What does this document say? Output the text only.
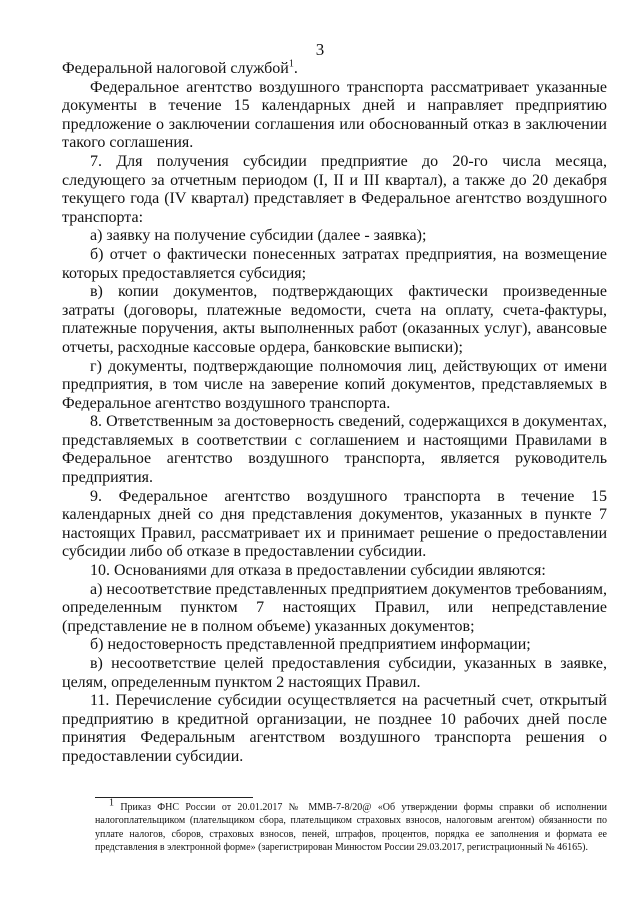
3

Федеральной налоговой службой$^1$.

Федеральное агентство воздушного транспорта рассматривает указанные документы в течение 15 календарных дней и направляет предприятию предложение о заключении соглашения или обоснованный отказ в заключении такого соглашения.

7. Для получения субсидии предприятие до 20-го числа месяца, следующего за отчетным периодом (I, II и III квартал), а также до 20 декабря текущего года (IV квартал) представляет в Федеральное агентство воздушного транспорта:

а) заявку на получение субсидии (далее - заявка);

б) отчет о фактически понесенных затратах предприятия, на возмещение которых предоставляется субсидия;

в) копии документов, подтверждающих фактически произведенные затраты (договоры, платежные ведомости, счета на оплату, счета-фактуры, платежные поручения, акты выполненных работ (оказанных услуг), авансовые отчеты, расходные кассовые ордера, банковские выписки);

г) документы, подтверждающие полномочия лиц, действующих от имени предприятия, в том числе на заверение копий документов, представляемых в Федеральное агентство воздушного транспорта.

8. Ответственным за достоверность сведений, содержащихся в документах, представляемых в соответствии с соглашением и настоящими Правилами в Федеральное агентство воздушного транспорта, является руководитель предприятия.

9. Федеральное агентство воздушного транспорта в течение 15 календарных дней со дня представления документов, указанных в пункте 7 настоящих Правил, рассматривает их и принимает решение о предоставлении субсидии либо об отказе в предоставлении субсидии.

10. Основаниями для отказа в предоставлении субсидии являются:

а) несоответствие представленных предприятием документов требованиям, определенным пунктом 7 настоящих Правил, или непредставление (представление не в полном объеме) указанных документов;

б) недостоверность представленной предприятием информации;

в) несоответствие целей предоставления субсидии, указанных в заявке, целям, определенным пунктом 2 настоящих Правил.

11. Перечисление субсидии осуществляется на расчетный счет, открытый предприятию в кредитной организации, не позднее 10 рабочих дней после принятия Федеральным агентством воздушного транспорта решения о предоставлении субсидии.

$^1$ Приказ ФНС России от 20.01.2017 № ММВ-7-8/20@ «Об утверждении формы справки об исполнении налогоплательщиком (плательщиком сбора, плательщиком страховых взносов, налоговым агентом) обязанности по уплате налогов, сборов, страховых взносов, пеней, штрафов, процентов, порядка ее заполнения и формата ее представления в электронной форме» (зарегистрирован Минюстом России 29.03.2017, регистрационный № 46165).
